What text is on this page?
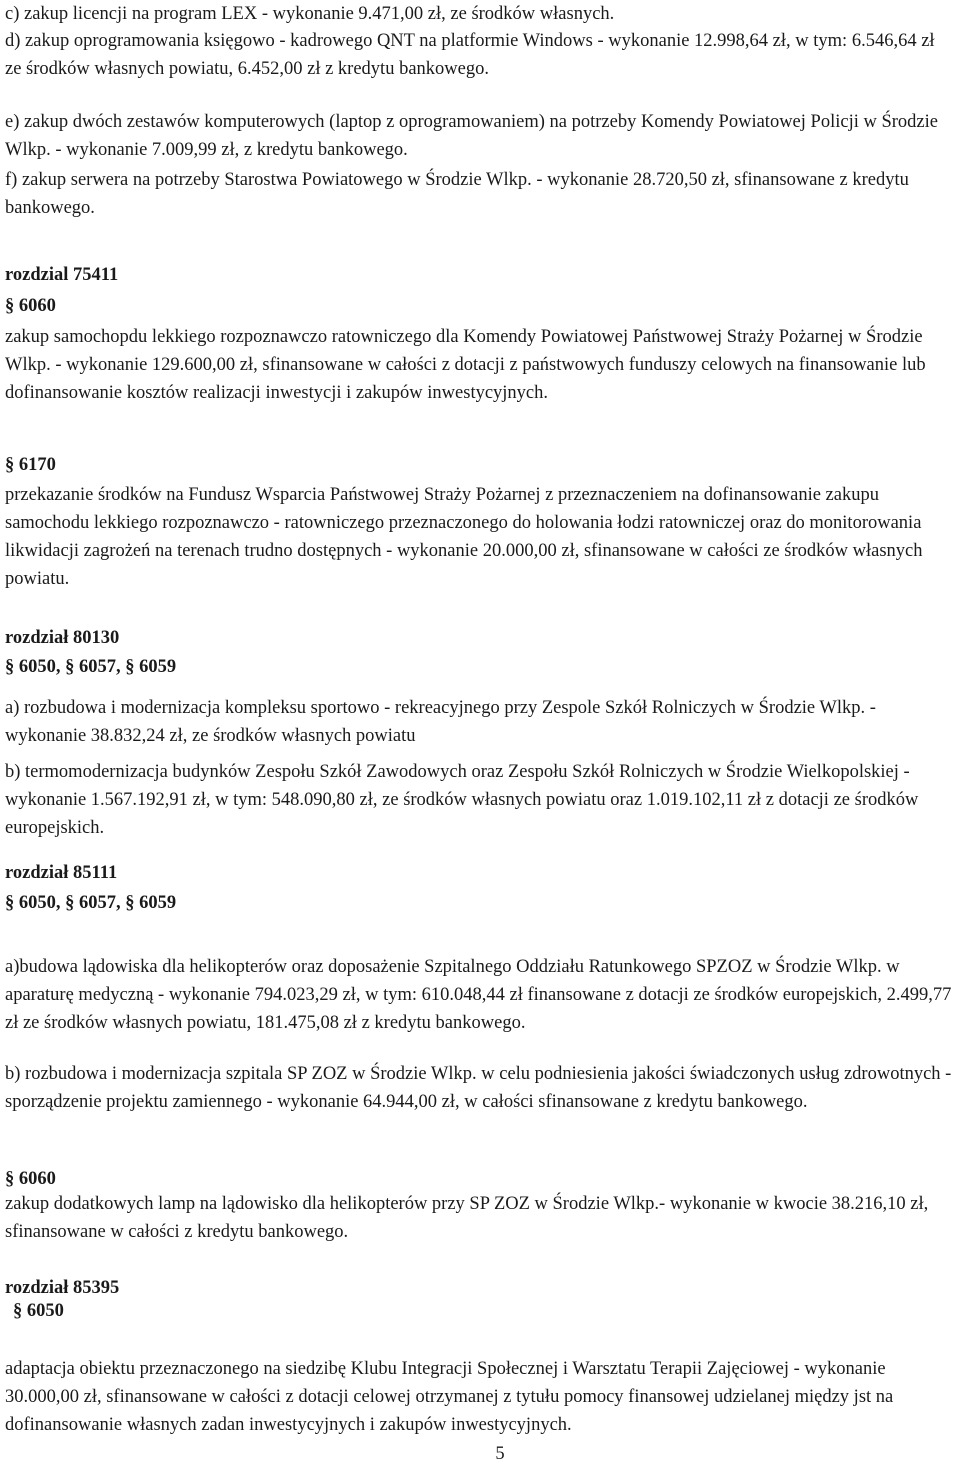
c) zakup licencji na program LEX - wykonanie 9.471,00 zł, ze środków własnych.

d) zakup oprogramowania księgowo - kadrowego QNT na platformie Windows - wykonanie 12.998,64 zł, w tym: 6.546,64 zł ze środków własnych powiatu, 6.452,00 zł z kredytu bankowego.

e) zakup dwóch zestawów komputerowych (laptop z oprogramowaniem) na potrzeby Komendy Powiatowej Policji w Środzie Wlkp. - wykonanie 7.009,99 zł, z kredytu bankowego.

f) zakup serwera na potrzeby Starostwa Powiatowego w Środzie Wlkp. - wykonanie 28.720,50 zł, sfinansowane z kredytu bankowego.

rozdzial 75411

§ 6060

zakup samochopdu lekkiego rozpoznawczo ratowniczego dla Komendy Powiatowej Państwowej Straży Pożarnej w Środzie Wlkp. - wykonanie 129.600,00 zł, sfinansowane w całości z dotacji z państwowych funduszy celowych na finansowanie lub dofinansowanie kosztów realizacji inwestycji i zakupów inwestycyjnych.

§ 6170

przekazanie środków na Fundusz Wsparcia Państwowej Straży Pożarnej z przeznaczeniem na dofinansowanie zakupu samochodu lekkiego rozpoznawczo - ratowniczego przeznaczonego do holowania łodzi ratowniczej oraz do monitorowania likwidacji zagrożeń na terenach trudno dostępnych - wykonanie 20.000,00 zł, sfinansowane w całości ze środków własnych powiatu.

rozdział 80130

§ 6050, § 6057, § 6059

a) rozbudowa i modernizacja kompleksu sportowo - rekreacyjnego przy Zespole Szkół Rolniczych w Środzie Wlkp. - wykonanie 38.832,24 zł, ze środków własnych powiatu

b) termomodernizacja budynków Zespołu Szkół Zawodowych oraz Zespołu Szkół Rolniczych w Środzie Wielkopolskiej - wykonanie 1.567.192,91 zł, w tym: 548.090,80 zł, ze środków własnych powiatu oraz 1.019.102,11 zł z dotacji ze środków europejskich.

rozdział 85111

§ 6050, § 6057, § 6059

a)budowa lądowiska dla helikopterów oraz doposażenie Szpitalnego Oddziału Ratunkowego SPZOZ w Środzie Wlkp. w aparaturę medyczną - wykonanie 794.023,29 zł, w tym: 610.048,44 zł finansowane z dotacji ze środków europejskich, 2.499,77 zł ze środków własnych powiatu, 181.475,08 zł z kredytu bankowego.

b) rozbudowa i modernizacja szpitala SP ZOZ w Środzie Wlkp. w celu podniesienia jakości świadczonych usług zdrowotnych - sporządzenie projektu zamiennego - wykonanie 64.944,00 zł, w całości sfinansowane z kredytu bankowego.

§ 6060

zakup dodatkowych lamp na lądowisko dla helikopterów przy SP ZOZ w Środzie Wlkp.- wykonanie w kwocie 38.216,10 zł, sfinansowane w całości z kredytu bankowego.

rozdział 85395

§ 6050

adaptacja obiektu przeznaczonego na siedzibę Klubu Integracji Społecznej i Warsztatu Terapii Zajęciowej - wykonanie 30.000,00 zł, sfinansowane w całości z dotacji celowej otrzymanej z tytułu pomocy finansowej udzielanej między jst na dofinansowanie własnych zadan inwestycyjnych i zakupów inwestycyjnych.

5
